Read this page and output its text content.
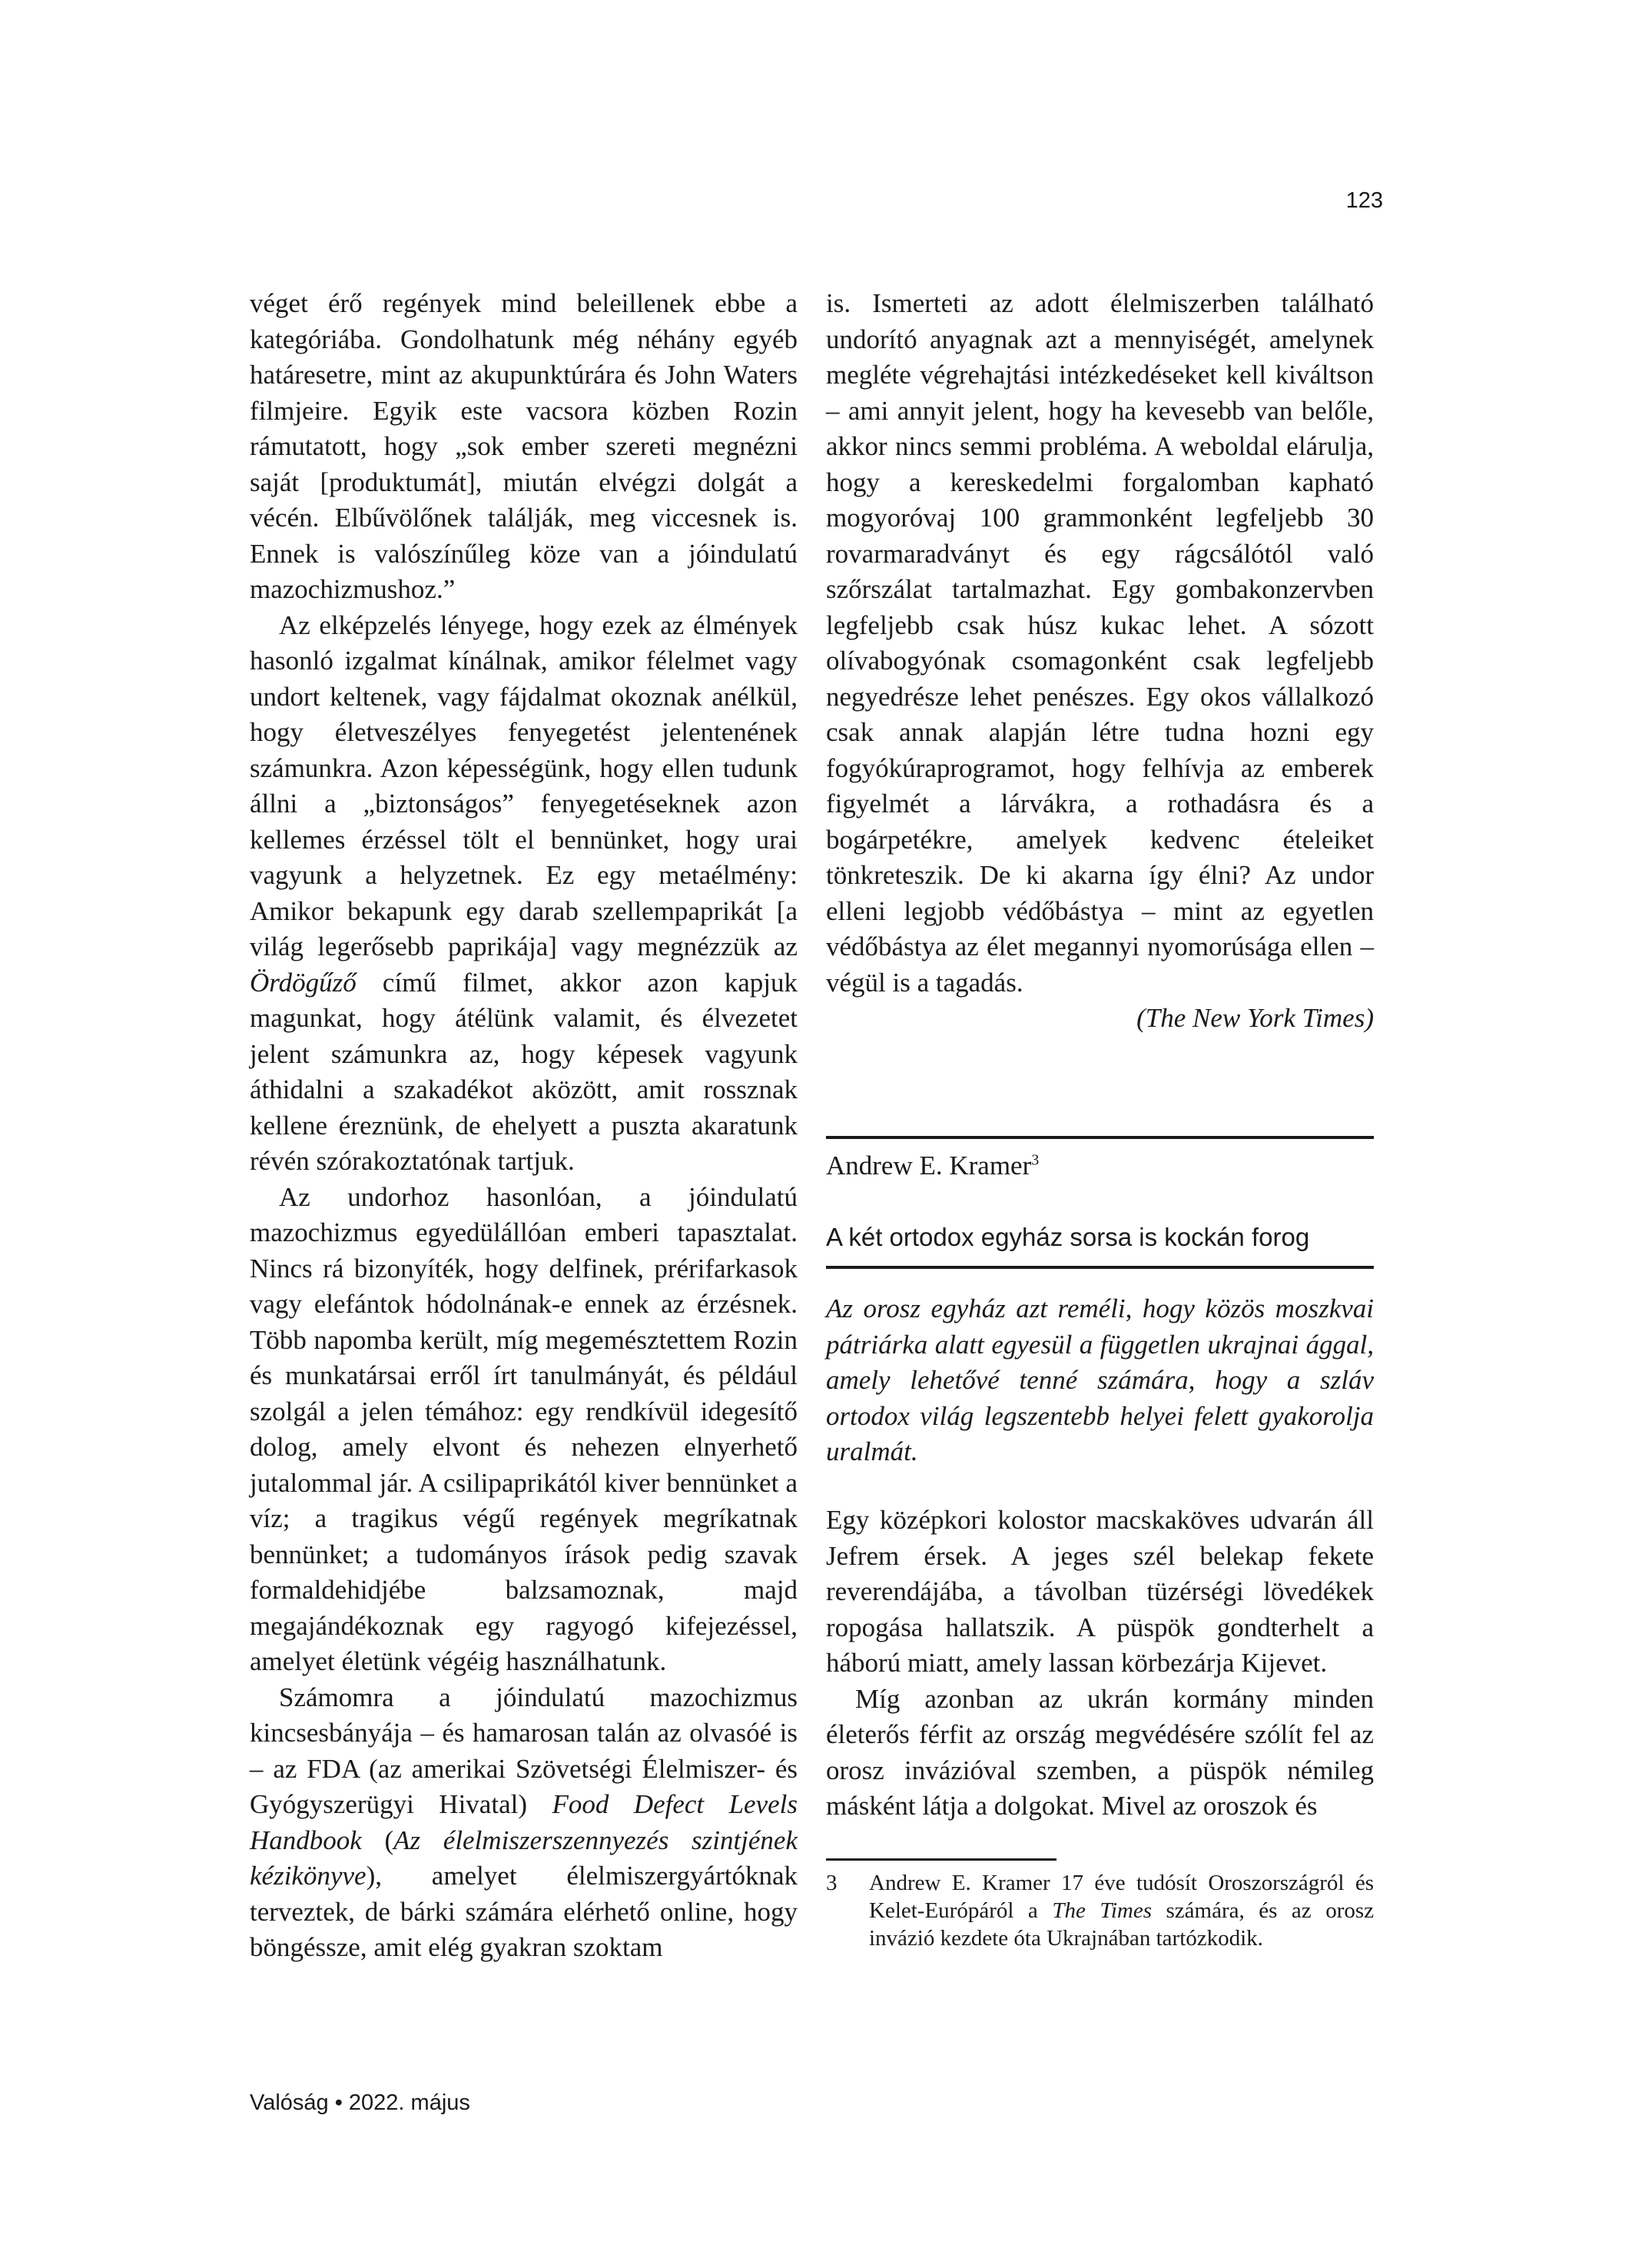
123

véget érő regények mind beleillenek ebbe a kategóriába. Gondolhatunk még néhány egyéb határesetre, mint az akupunktúrára és John Waters filmjeire. Egyik este vacsora közben Rozin rámutatott, hogy „sok ember szereti megnézni saját [produktumát], miután elvégzi dolgát a vécén. Elbűvölőnek találják, meg viccesnek is. Ennek is valószínűleg köze van a jóindulatú mazochizmushoz.”

Az elképzelés lényege, hogy ezek az élmények hasonló izgalmat kínálnak, amikor félelmet vagy undort keltenek, vagy fájdalmat okoznak anélkül, hogy életveszélyes fenyegetést jelentenének számunkra. Azon képességünk, hogy ellen tudunk állni a „biztonságos” fenyegetéseknek azon kellemes érzéssel tölt el bennünket, hogy urai vagyunk a helyzetnek. Ez egy metaélmény: Amikor bekapunk egy darab szellempaprikát [a világ legerősebb paprikája] vagy megnézzük az Ördögűző című filmet, akkor azon kapjuk magunkat, hogy átélünk valamit, és élvezetet jelent számunkra az, hogy képesek vagyunk áthidalni a szakadékot aközött, amit rossznak kellene éreznünk, de ehelyett a puszta akaratunk révén szórakoztatónak tartjuk.

Az undorhoz hasonlóan, a jóindulatú mazochizmus egyedülállóan emberi tapasztalat. Nincs rá bizonyíték, hogy delfinek, prérifarkasok vagy elefántok hódolnának-e ennek az érzésnek. Több napomba került, míg megemésztettem Rozin és munkatársai erről írt tanulmányát, és például szolgál a jelen témához: egy rendkívül idegesítő dolog, amely elvont és nehezen elnyerhető jutalommal jár. A csilipaprikától kiver bennünket a víz; a tragikus végű regények megríkatnak bennünket; a tudományos írások pedig szavak formaldehidjébe balzsamoznak, majd megajándékoznak egy ragyogó kifejezéssel, amelyet életünk végéig használhatunk.

Számomra a jóindulatú mazochizmus kincsesbányája – és hamarosan talán az olvasóé is – az FDA (az amerikai Szövetségi Élelmiszer- és Gyógyszerügyi Hivatal) Food Defect Levels Handbook (Az élelmiszerszennyezés szintjének kézikönyve), amelyet élelmiszergyártóknak terveztek, de bárki számára elérhető online, hogy böngéssze, amit elég gyakran szoktam

is. Ismerteti az adott élelmiszerben található undorító anyagnak azt a mennyiségét, amelynek megléte végrehajtási intézkedéseket kell kiváltson – ami annyit jelent, hogy ha kevesebb van belőle, akkor nincs semmi probléma. A weboldal elárulja, hogy a kereskedelmi forgalomban kapható mogyoróvaj 100 grammonként legfeljebb 30 rovarmaradványt és egy rágcsálótól való szőrszálat tartalmazhat. Egy gombakonzervben legfeljebb csak húsz kukac lehet. A sózott olívabogyónak csomagonként csak legfeljebb negyedrésze lehet penészes. Egy okos vállalkozó csak annak alapján létre tudna hozni egy fogyókúraprogramot, hogy felhívja az emberek figyelmét a lárvákra, a rothadásra és a bogárpetékre, amelyek kedvenc ételeiket tönkreteszik. De ki akarna így élni? Az undor elleni legjobb védőbástya – mint az egyetlen védőbástya az élet megannyi nyomorúsága ellen – végül is a tagadás.

(The New York Times)
Andrew E. Kramer$^3$
A két ortodox egyház sorsa is kockán forog

Az orosz egyház azt reméli, hogy közös moszkvai pátriárka alatt egyesül a független ukrajnai ággal, amely lehetővé tenné számára, hogy a szláv ortodox világ legszentebb helyei felett gyakorolja uralmát.

Egy középkori kolostor macskaköves udvarán áll Jefrem érsek. A jeges szél belekap fekete reverendájába, a távolban tüzérségi lövedékek ropogása hallatszik. A püspök gondterhelt a háború miatt, amely lassan körbezárja Kijevet.

Míg azonban az ukrán kormány minden életerős férfit az ország megvédésére szólít fel az orosz invázióval szemben, a püspök némileg másként látja a dolgokat. Mivel az oroszok és

3	Andrew E. Kramer 17 éve tudósít Oroszországról és Kelet-Európáról a The Times számára, és az orosz invázió kezdete óta Ukrajnában tartózkodik.
Valóság • 2022. május
